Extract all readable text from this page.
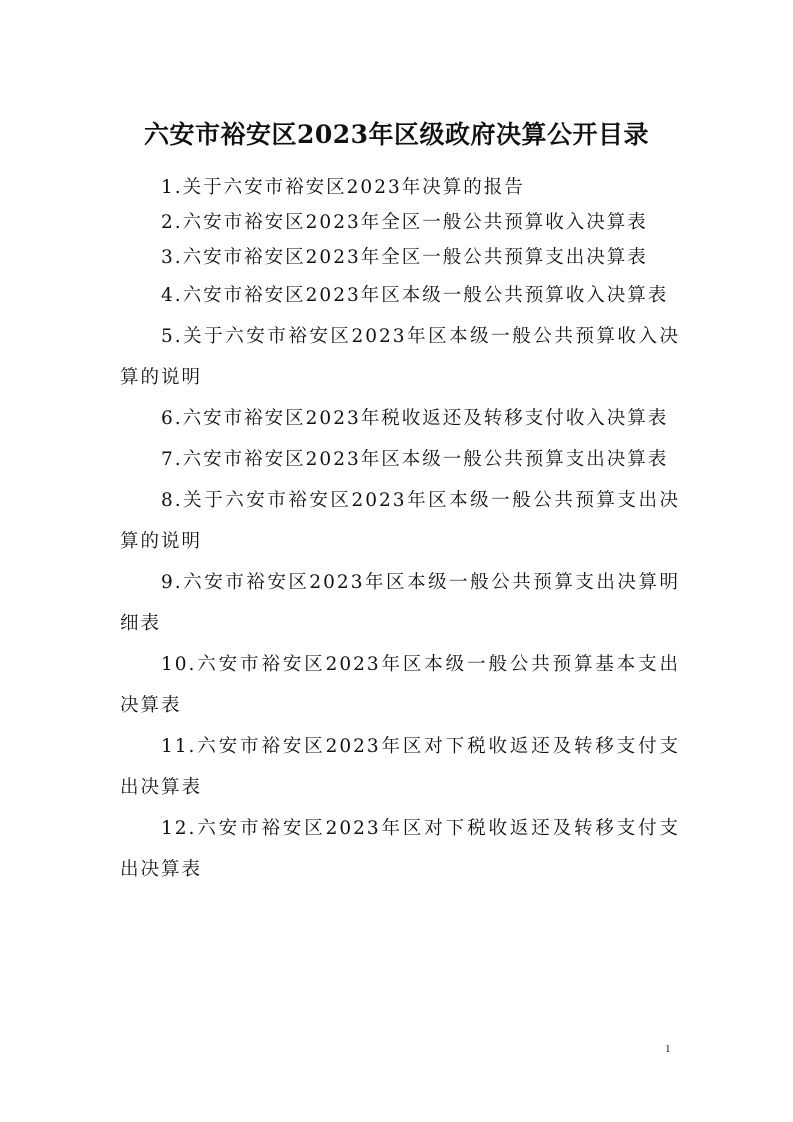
六安市裕安区2023年区级政府决算公开目录
1.关于六安市裕安区2023年决算的报告
2.六安市裕安区2023年全区一般公共预算收入决算表
3.六安市裕安区2023年全区一般公共预算支出决算表
4.六安市裕安区2023年区本级一般公共预算收入决算表
5.关于六安市裕安区2023年区本级一般公共预算收入决算的说明
6.六安市裕安区2023年税收返还及转移支付收入决算表
7.六安市裕安区2023年区本级一般公共预算支出决算表
8.关于六安市裕安区2023年区本级一般公共预算支出决算的说明
9.六安市裕安区2023年区本级一般公共预算支出决算明细表
10.六安市裕安区2023年区本级一般公共预算基本支出决算表
11.六安市裕安区2023年区对下税收返还及转移支付支出决算表
12.六安市裕安区2023年区对下税收返还及转移支付支出决算表
1
